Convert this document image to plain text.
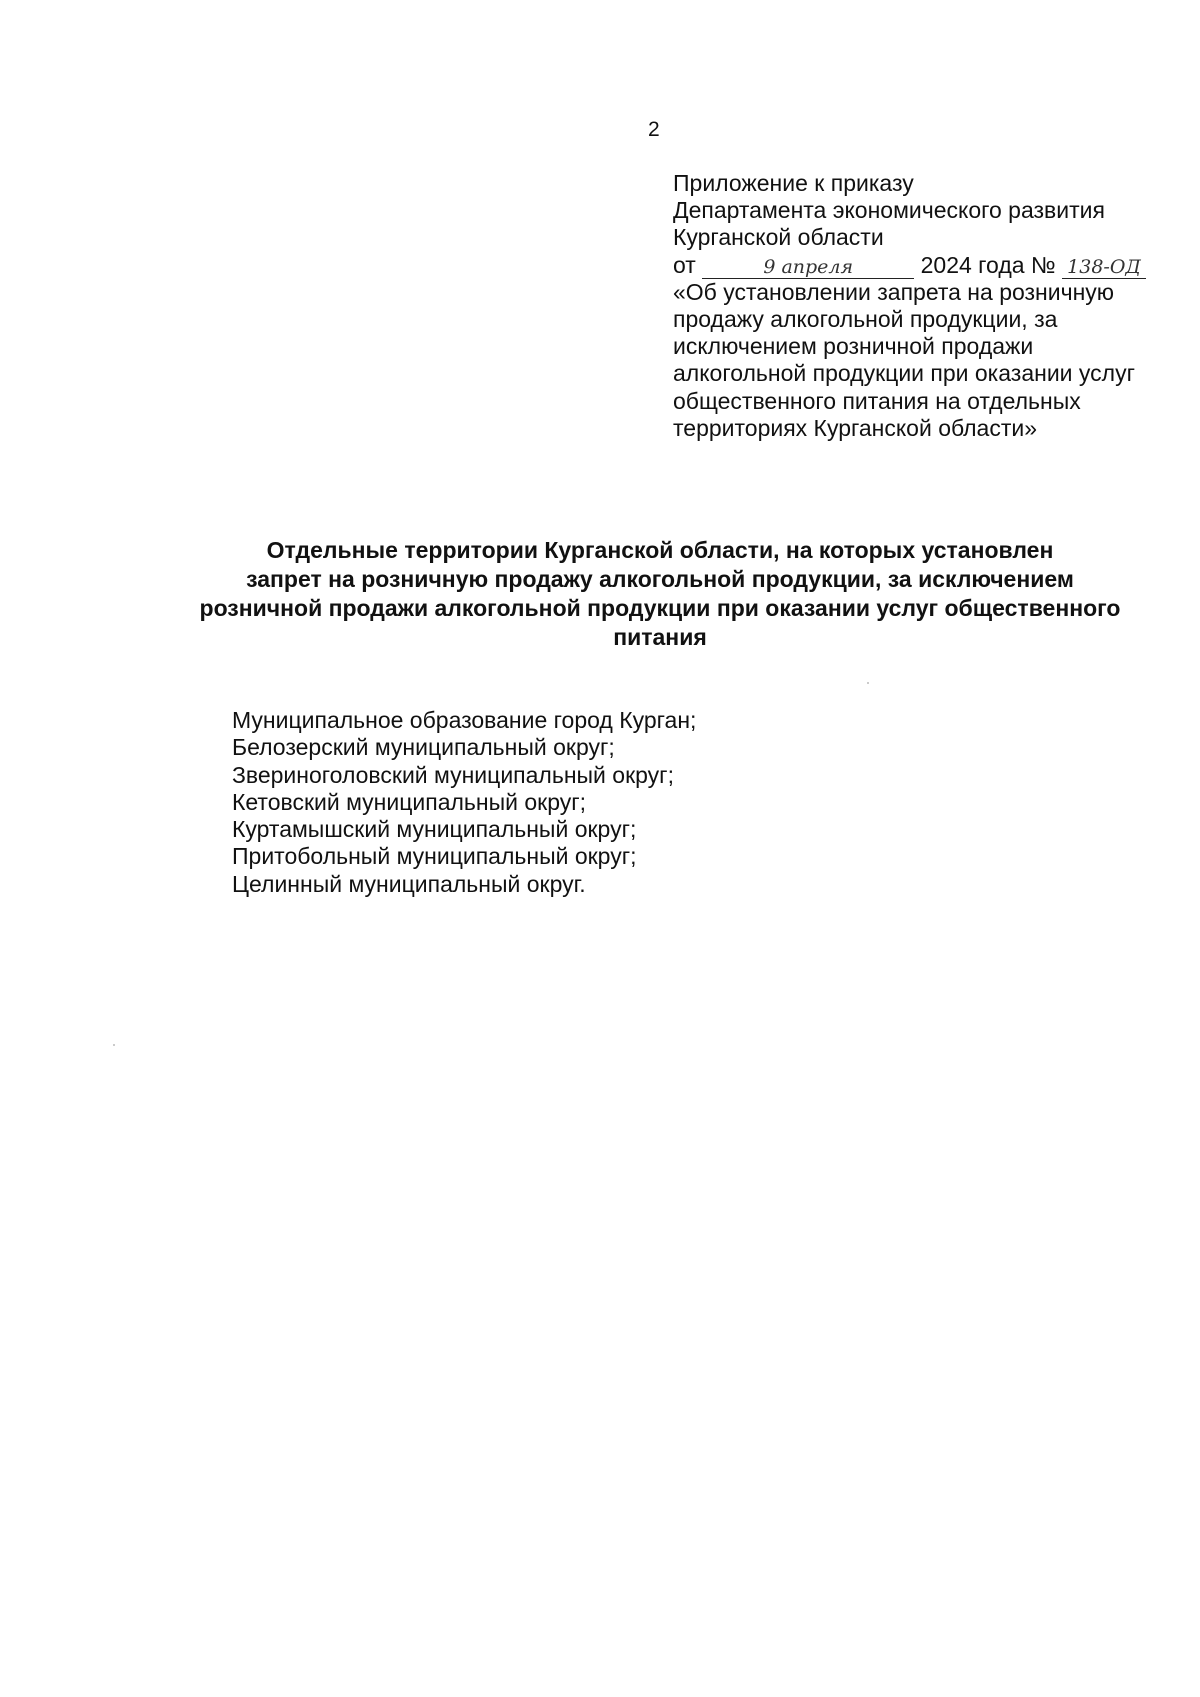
2
Приложение к приказу
Департамента экономического развития
Курганской области
от	9 апреля	2024 года № 138-ОД
«Об установлении запрета на розничную
продажу алкогольной продукции, за
исключением розничной продажи
алкогольной продукции при оказании услуг
общественного питания на отдельных
территориях Курганской области»
Отдельные территории Курганской области, на которых установлен
запрет на розничную продажу алкогольной продукции, за исключением
розничной продажи алкогольной продукции при оказании услуг общественного
питания
Муниципальное образование город Курган;
Белозерский муниципальный округ;
Звериноголовский муниципальный округ;
Кетовский муниципальный округ;
Куртамышский муниципальный округ;
Притобольный муниципальный округ;
Целинный муниципальный округ.
